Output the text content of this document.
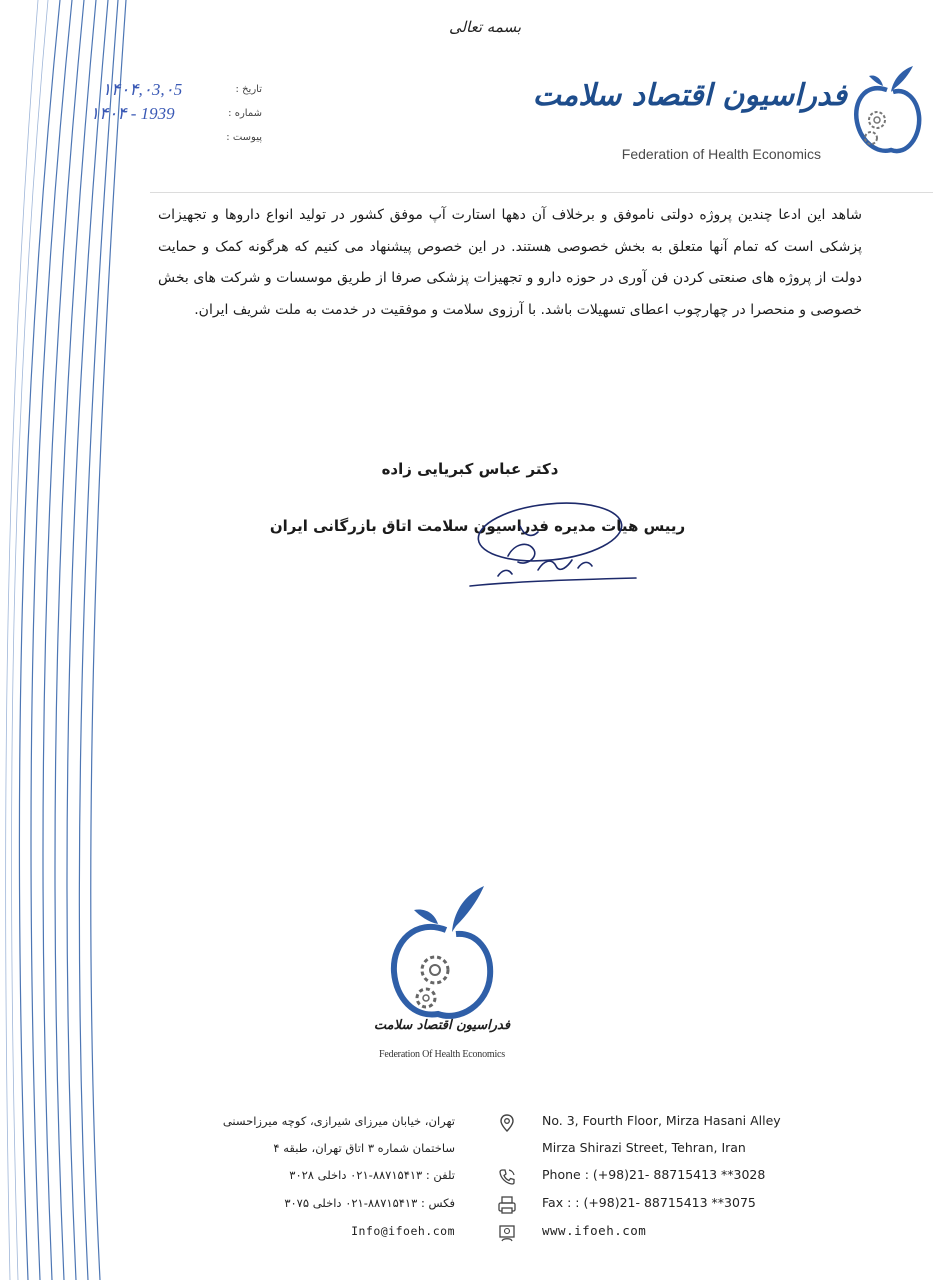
بسمه تعالی
فدراسیون اقتصاد سلامت
Federation of Health Economics
۱۴۰۴,۰3,۰5	تاریخ :
۱۴۰۴ - 1939	شماره :
پیوست :

شاهد این ادعا چندین پروژه دولتی ناموفق و برخلاف آن دهها استارت آپ موفق کشور در تولید انواع داروها و تجهیزات پزشکی است که تمام آنها متعلق به بخش خصوصی هستند. در این خصوص پیشنهاد می کنیم که هرگونه کمک و حمایت دولت از پروژه های صنعتی کردن فن آوری در حوزه دارو و تجهیزات پزشکی صرفا از طریق موسسات و شرکت های بخش خصوصی و منحصرا در چهارچوب اعطای تسهیلات باشد. با آرزوی سلامت و موفقیت در خدمت به ملت شریف ایران.

دکتر عباس کبریایی زاده
رییس هیات مدیره فدراسیون سلامت اتاق بازرگانی ایران
فدراسیون اقتصاد سلامت
Federation Of Health Economics
تهران، خیابان میرزای شیرازی، کوچه میرزاحسنی	No. 3, Fourth Floor, Mirza Hasani Alley
ساختمان شماره ۳ اتاق تهران، طبقه ۴	Mirza Shirazi Street, Tehran, Iran
تلفن : ۸۸۷۱۵۴۱۳-۰۲۱ داخلی ۳۰۲۸	Phone : (+98)21- 88715413 **3028
فکس : ۸۸۷۱۵۴۱۳-۰۲۱ داخلی ۳۰۷۵	Fax : : (+98)21- 88715413 **3075
Info@ifoeh.com	www.ifoeh.com
